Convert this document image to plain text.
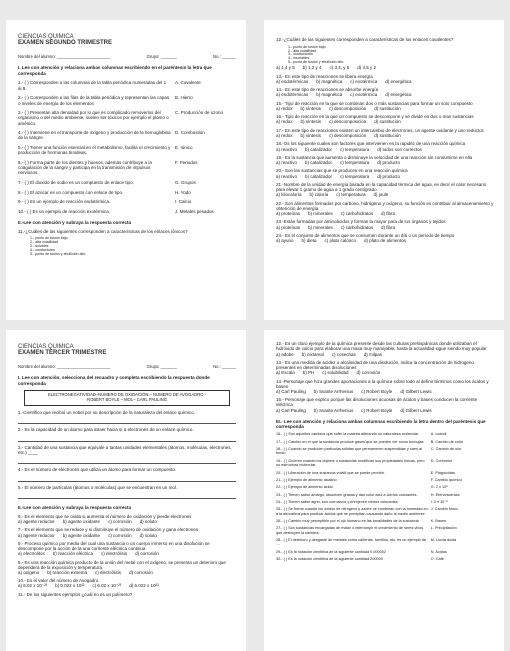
CIENCIAS QUIMICA
EXAMEN SEGUNDO TRIMESTRE
Nombre del alumno: _______________________	Grupo: _______	No.: ______
I. Lee con atención y relaciona ambas columnas escribiendo en el paréntesis la letra que corresponda
1.- ( ) Corresponden a las columnas de la tabla periódica numeradas del 1 al 8.
A. Covalente
2.- ( ) Corresponden a las filas de la tabla periódica y representan las capas o niveles de energía de los elementos
B. Hierro
3.- ( ) Presentan alta densidad por lo que es complicado removerlos del organismo o del medio ambiente, suelen ser tóxicos por ejemplo el plomo o arsénico.
C. Producción de ozono
4.- ( ) Interviene en el transporte de oxígeno y producción de la hemoglobina de la sangre.
D. Combustión
5.- ( ) Tiener una función esencial en el metabolismo, facilita el crecimiento y producción de hormonas tiroideas.
E. Iónico
6.- ( ) Forma parte de los dientes y huesos, además contribuye a la coagulación de la sangre y participa en la transmisión de impulsos nerviosos.
F. Periodos
7.- ( ) El dioxido de sodio es un compuesto de enlace tipo.	G. Grupos
8.- ( ) El azúcar es un compuesto con enlace de tipo.	H. Yodo
9.- ( ) Es un ejemplo de reacción endotérmica.	I. Calcio
10.- ( ) Es un ejemplo de reacción exotérmica.	J. Metales pesados
II.-Lee con atención y subraya la respuesta correcta
11.-¿Cuáles de las siguientes corresponden a características de los enlaces iónicos?
1.- punto de fusión bajo
2.- alta volatilidad
3.- solubles
4.- conductores
5.- punto de fusión y ebullición alto
12.-¿Cuáles de las siguientes corresponden a características de los enlaces covalentes?
1.- punto de fusión bajo
2.- alta volatilidad
3.- conductores
4.- insolubles
5.- punto de fusión y ebullición alto
a) 1,4 y 5 b) 1,2 y 4 c) 3,4, y 5 d) 4,5 y 2
13.- En este tipo de reacciones se libera energía
a) endotérmicas b) magnética c) exotérmica d) energética
14.- En este tipo de reacciones se absorbe energía
a) endotérmicas b) magnética c) exotérmica d) energética
15.- Tipo de reacción en la que se combinan dos o más sustancias para formar un solo compuesto
a) redox b) síntesis c) descomposición d) sustitución
16.- Tipo de reacción en la que un compuesto se descompone y se divide en dos o mas sustancias
a) redox b) síntesis c) descomposición d) sustitución
17.- En este tipo de reacciones existen un intercambio de electrones, un agente oxidante y uno reductor.
a) redox b) síntesis c) descomposición d) sustitución
18.-Os los siguiente cuales son factores que intervienen en la rapidez de una reacción química
a) reactivo b) catalizador c) temperatura d) todos son correctos
19.- Es la sustancia que aumenta o disminuye la velocidad de una reacción sin consumirse en ella
a) reactivo b) catalizador c) temperatura d) producto
20.- Son las sustancias que se producen en una reacción química
a) reactivo b) catalizador c) temperatura d) producto
21.-Nombre de la unidad de energía basada en la capacidad térmica del agua, es decir el calor necesario para elevar 1 gramo de agua a 1 grado centígrado
a) kilocaloría b) caloría c) temperatura d) joule
22.- Son alimentos formados por carbono, hidrógeno y oxígeno, su función es contribuir al almacenamiento y obtención de energía
a) proteínas b) minerales c) carbohidratos d) fibra
23.-Están formadas por aminoácidos y forman la mayor para de los órganos y tejidos
a) proteínas b) minerales c) carbohidratos d) fibra
24.- Es el conjunto de alimentos que se consumen durante un día o un periodo de tiempo
a) ayuno b) dieta c) plato calórico d) plato de alimentos
CIENCIAS QUIMICA
EXAMEN TERCER TRIMESTRE
Nombre del alumno: _______________________	Grupo: _______	No.: ______
I. Lee con atención, selecciona del recuadro y completa escribiendo la respuesta donde corresponda
ELECTRONEGATIVIDAD–NUMERO DE OXIDACIÓN – NUMERO DE AVOGADRO -
ROBERT BOYLE – MOL– CARL PAULING
1.-Científico que recibió un nobel por su descripción de la naturaleza del enlace químico.
2.- Es la capacidad de un átomo para atraer hacia sí a electrones de un enlace químico.
3.- Cantidad de una sustancia que equivale a tantas unidades elementales (átomos, moléculas, electrones, etc.) ____
4.- Es el número de electrones que utiliza un átomo para formar un compuesto.
5.- El número de partículas (átomos o moléculas) que se encuentran en un mol.
II.-Lee con atención y subraya la respuesta correcta
6.- Es el elemento que se oxida si aumenta el número de oxidación y pierde electrones
a) agente reductor b) agente oxidante c) corrosión d) soluto
7.- Es el elemento que se reduce y si disminuye el número de oxidación y gana electrones
a) agente reductor b) agente oxidante c) corrosión d) soluto
8.- Proceso químico por medio del cual una sustancia o un cuerpo inmerso en una disolución se descompone por la acción de la una corriente eléctrica continua
a) electrolitos b) reacción eléctrica c) electrólisis d) corrosión
9.- Es una reacción química producto de la unión del metal con el oxígeno, se presenta un deterioro que dependerá de la exposición y temperatura.
a) oxígeno b) reacción extrema c) electrólisis d) corrosión
10.- Es el valor del número de Avogadro
a) 6.02 x 10⁻²³ b) 0.022 x 10²³ c) 6.02 x 10⁻²³ d) 6.022 x 10²³
11.- De los siguientes ejemplos ¿cuál no es un polímero?
12.- Es un claro ejemplo de la química presente desde las culturas prehispánicas donde utilizaban el hidróxido de calcio para elaborar una masa muy manejable, hasta la actualidad sigue siendo muy popular
a) adobe b) nixtamal c) cosechas d) milpas
13.- Es una medida de acidez o alcalinidad de una disolución, indica la concentración de hidrogeno presentes en determinadas disoluciones
a) Escala b) PH c) solubilidad d) corrosión
14.-Personaje que hizo grandes aportaciones a la química sobre todo al definir términos como los ácidos y bases
a) Carl Pauling b) Svante Arrhenius c) Robert Boyle d) Gilbert Lewis
15.- Personaje que explico porque las disoluciones acuosas de ácidos y bases conducen la corriente eléctrica
a) Carl Pauling b) Svante Arrhenius c) Robert Boyle d) Gilbert Lewis
III.- Lee con atención y relaciona ambas columnas escribiendo la letra dentro del paréntesis que corresponda
16.- ( ) Son aquellos cambios que sufre la materia alterando su naturaleza molecular	A. Iodoxil
17.- ( ) Cambio en el que la sustancia produce gases que se pueden ver como burbujas	B. Cambio de color
18.- ( ) Cuando se producen partículas sólidas que permanecen suspendidas y caen al fondo
C. Cambio de olor
19.- ( ) Ocurren cuando los objetos o sustancias modifican sus propiedades físicas, pero no estructura molecular
D. Corrosión
20.- ( ) Liberación de una sustancia volátil que se puede percibir.	E. Plaguicidas
21.- ( ) Ejemplo de alimento alcalino	F. Cambio químico
22.- ( ) Ejemplo de alimento ácido	G. 2 x 10⁵
23.- ( ) Tienen sabor amargo, disuelven grasas y dan color azul a ciertos colorantes.	H. Efervescencia
24.- ( ) Tienen sabor agrio, son corrosivos y enrojecen ciertos colorantes	I. 2 x 10⁻⁵
25.- ( ) Se forma cuando los óxidos de nitrógeno y azufre se combinan con la humedad en a la atmosfera para producir ácidos que se precipitan causando daño al medio ambiente.
J. Cambio físico
26.- ( ) Cambio muy perceptible por el ojo humano en las tonalidades de la sustancia	K. Bases
27.- ( ) Son sustancias encargadas de matar o interrumpir el crecimiento de seres vivos que destruyen la siembra.
L. Precipitación
28.- ( ) El deterioro y desgaste de metales como cañerías, tornillos, etc. es un ejemplo de ....
M. Lluvia ácida
29.- ( ) Es la notación científica de la siguiente cantidad 0.000002	N. Acidos
30.- ( ) Es la notación científica de la siguiente cantidad 200000	O. Café
